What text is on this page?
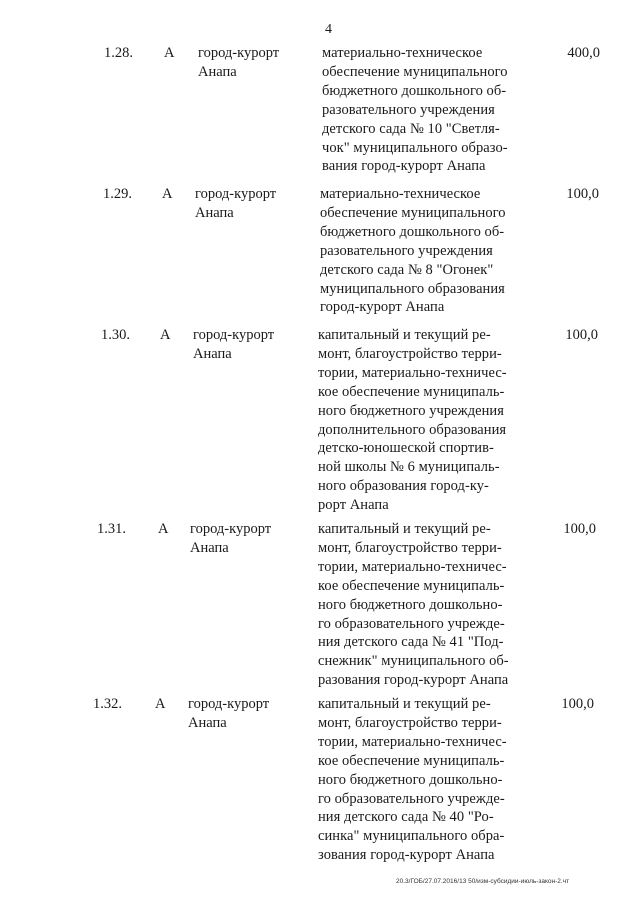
4
1.28. А город-курорт Анапа
материально-техническое
обеспечение муниципального
бюджетного дошкольного об-
разовательного учреждения
детского сада № 10 "Светля-
чок" муниципального образо-
вания город-курорт Анапа
400,0
1.29. А город-курорт Анапа
материально-техническое
обеспечение муниципального
бюджетного дошкольного об-
разовательного учреждения
детского сада № 8 "Огонек"
муниципального образования
город-курорт Анапа
100,0
1.30. А город-курорт Анапа
капитальный и текущий ре-
монт, благоустройство терри-
тории, материально-техничес-
кое обеспечение муниципаль-
ного бюджетного учреждения
дополнительного образования
детско-юношеской спортив-
ной школы № 6 муниципаль-
ного образования город-ку-
рорт Анапа
100,0
1.31. А город-курорт Анапа
капитальный и текущий ре-
монт, благоустройство терри-
тории, материально-техничес-
кое обеспечение муниципаль-
ного бюджетного дошкольно-
го образовательного учрежде-
ния детского сада № 41 "Под-
снежник" муниципального об-
разования город-курорт Анапа
100,0
1.32. А город-курорт Анапа
капитальный и текущий ре-
монт, благоустройство терри-
тории, материально-техничес-
кое обеспечение муниципаль-
ного бюджетного дошкольно-
го образовательного учрежде-
ния детского сада № 40 "Ро-
синка" муниципального обра-
зования город-курорт Анапа
100,0
20.3/ГОБ/27.07.2016/13 50/изм-субсидии-июль-закон-2.чт
